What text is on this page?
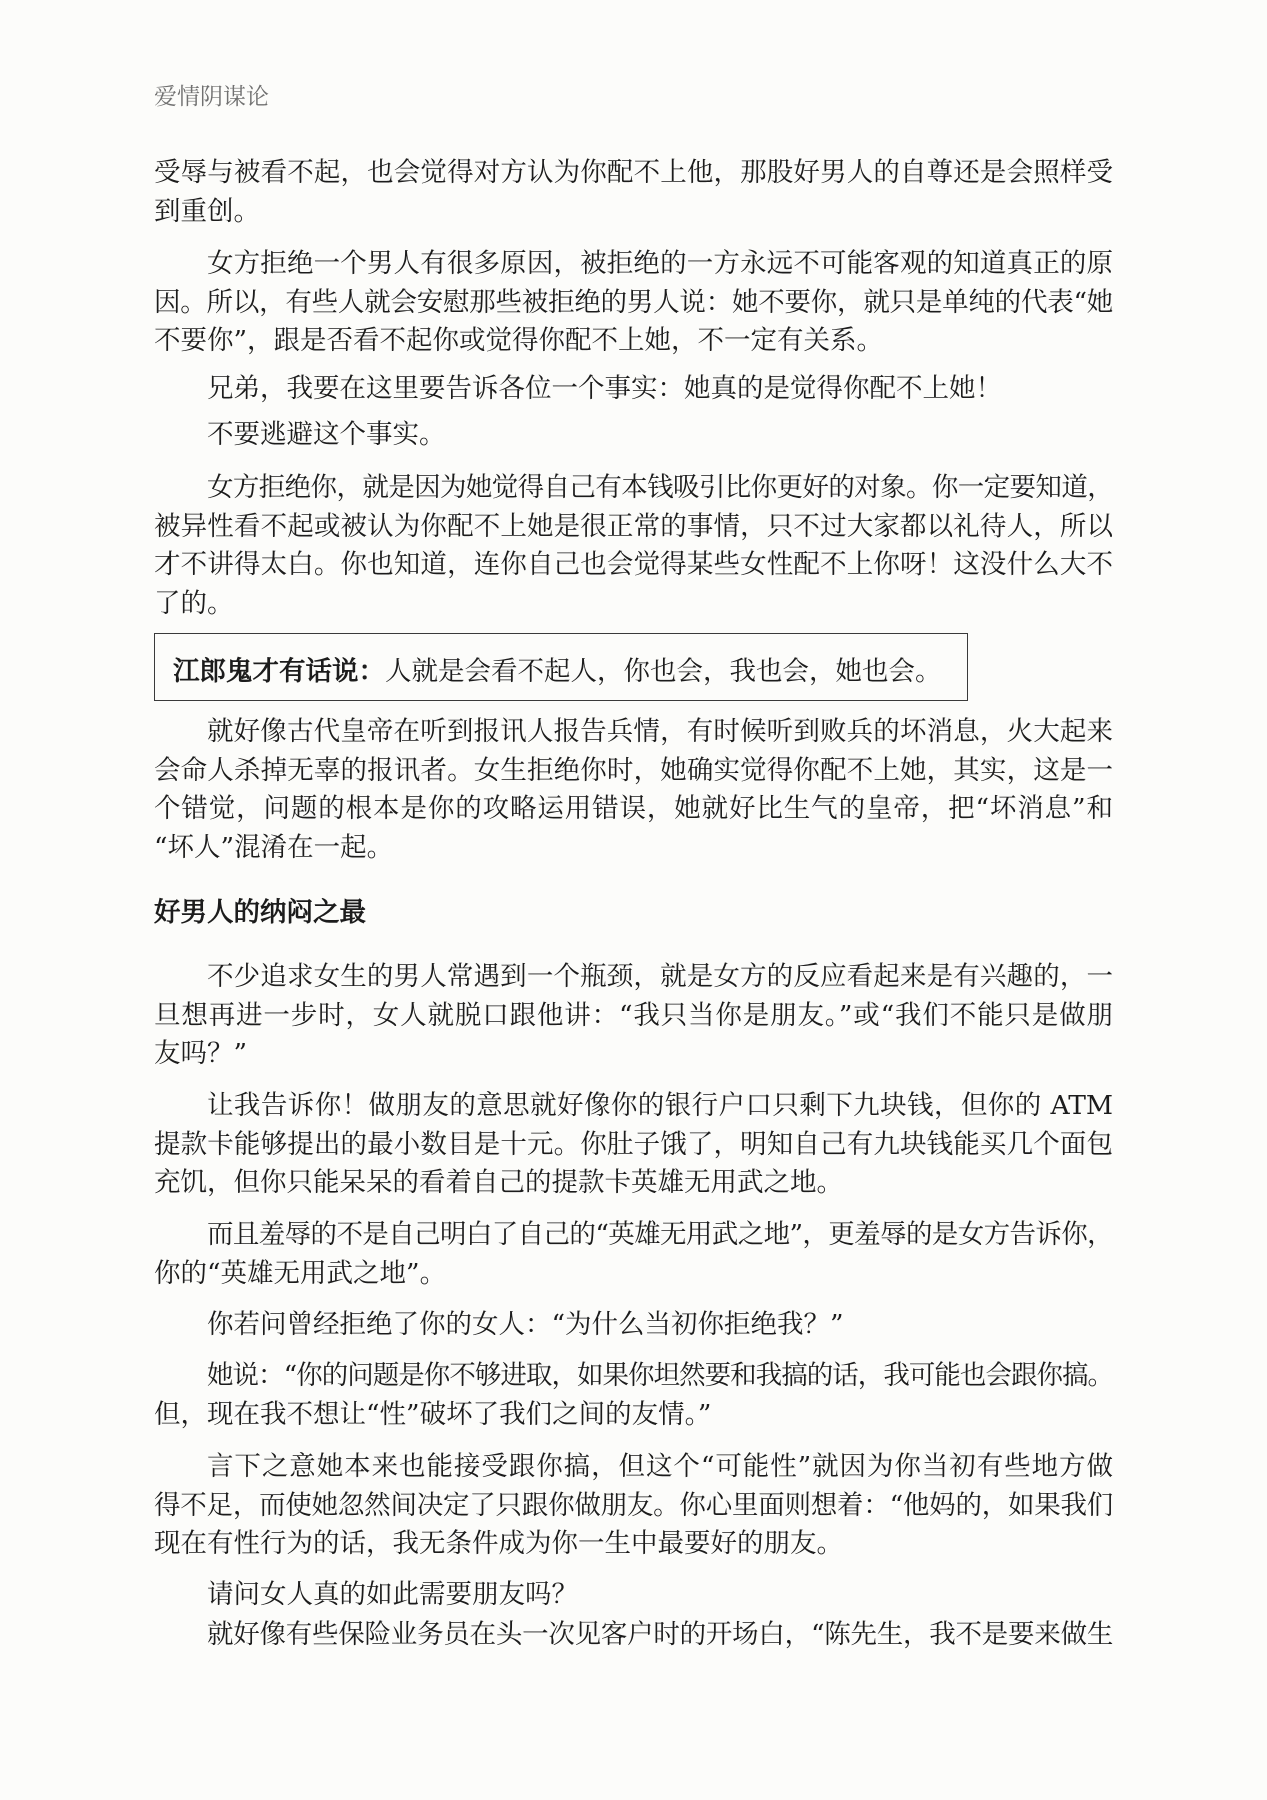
爱情阴谋论
受辱与被看不起，也会觉得对方认为你配不上他，那股好男人的自尊还是会照样受
到重创。
女方拒绝一个男人有很多原因，被拒绝的一方永远不可能客观的知道真正的原
因。所以，有些人就会安慰那些被拒绝的男人说：她不要你，就只是单纯的代表“她
不要你”，跟是否看不起你或觉得你配不上她，不一定有关系。
兄弟，我要在这里要告诉各位一个事实：她真的是觉得你配不上她！
不要逃避这个事实。
女方拒绝你，就是因为她觉得自己有本钱吸引比你更好的对象。你一定要知道，
被异性看不起或被认为你配不上她是很正常的事情，只不过大家都以礼待人，所以
才不讲得太白。你也知道，连你自己也会觉得某些女性配不上你呀！这没什么大不
了的。
江郎鬼才有话说：人就是会看不起人，你也会，我也会，她也会。
就好像古代皇帝在听到报讯人报告兵情，有时候听到败兵的坏消息，火大起来
会命人杀掉无辜的报讯者。女生拒绝你时，她确实觉得你配不上她，其实，这是一
个错觉，问题的根本是你的攻略运用错误，她就好比生气的皇帝，把“坏消息”和
“坏人”混淆在一起。
好男人的纳闷之最
不少追求女生的男人常遇到一个瓶颈，就是女方的反应看起来是有兴趣的，一
旦想再进一步时，女人就脱口跟他讲：“我只当你是朋友。”或“我们不能只是做朋
友吗？”
让我告诉你！做朋友的意思就好像你的银行户口只剩下九块钱，但你的 ATM
提款卡能够提出的最小数目是十元。你肚子饿了，明知自己有九块钱能买几个面包
充饥，但你只能呆呆的看着自己的提款卡英雄无用武之地。
而且羞辱的不是自己明白了自己的“英雄无用武之地”，更羞辱的是女方告诉你，
你的“英雄无用武之地”。
你若问曾经拒绝了你的女人：“为什么当初你拒绝我？”
她说：“你的问题是你不够进取，如果你坦然要和我搞的话，我可能也会跟你搞。
但，现在我不想让“性”破坏了我们之间的友情。”
言下之意她本来也能接受跟你搞，但这个“可能性”就因为你当初有些地方做
得不足，而使她忽然间决定了只跟你做朋友。你心里面则想着：“他妈的，如果我们
现在有性行为的话，我无条件成为你一生中最要好的朋友。
请问女人真的如此需要朋友吗？
就好像有些保险业务员在头一次见客户时的开场白，“陈先生，我不是要来做生
